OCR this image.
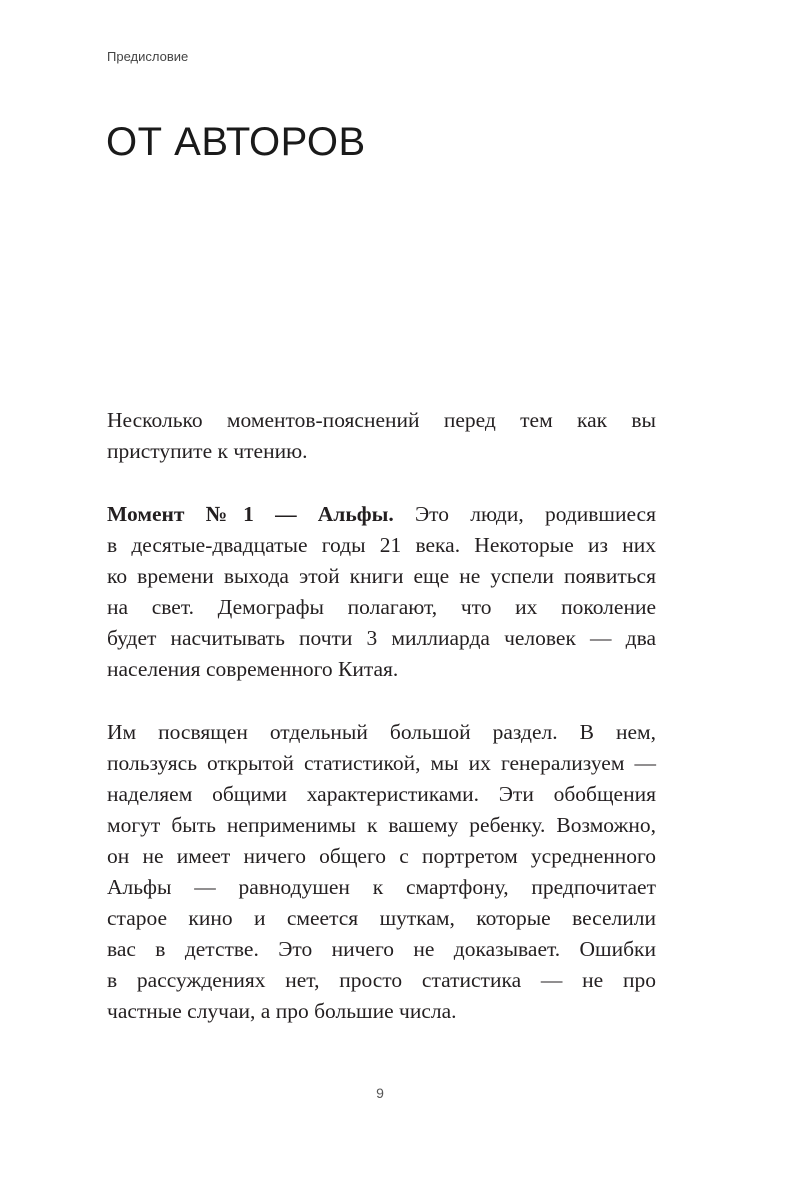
Предисловие
ОТ АВТОРОВ
Несколько моментов-пояснений перед тем как вы
приступите к чтению.
Момент №1 — Альфы. Это люди, родившиеся
в десятые-двадцатые годы 21 века. Некоторые из них
ко времени выхода этой книги еще не успели появиться
на свет. Демографы полагают, что их поколение
будет насчитывать почти 3 миллиарда человек — два
населения современного Китая.
Им посвящен отдельный большой раздел. В нем,
пользуясь открытой статистикой, мы их генерализуем —
наделяем общими характеристиками. Эти обобщения
могут быть неприменимы к вашему ребенку. Возможно,
он не имеет ничего общего с портретом усредненного
Альфы — равнодушен к смартфону, предпочитает
старое кино и смеется шуткам, которые веселили
вас в детстве. Это ничего не доказывает. Ошибки
в рассуждениях нет, просто статистика — не про
частные случаи, а про большие числа.
9
